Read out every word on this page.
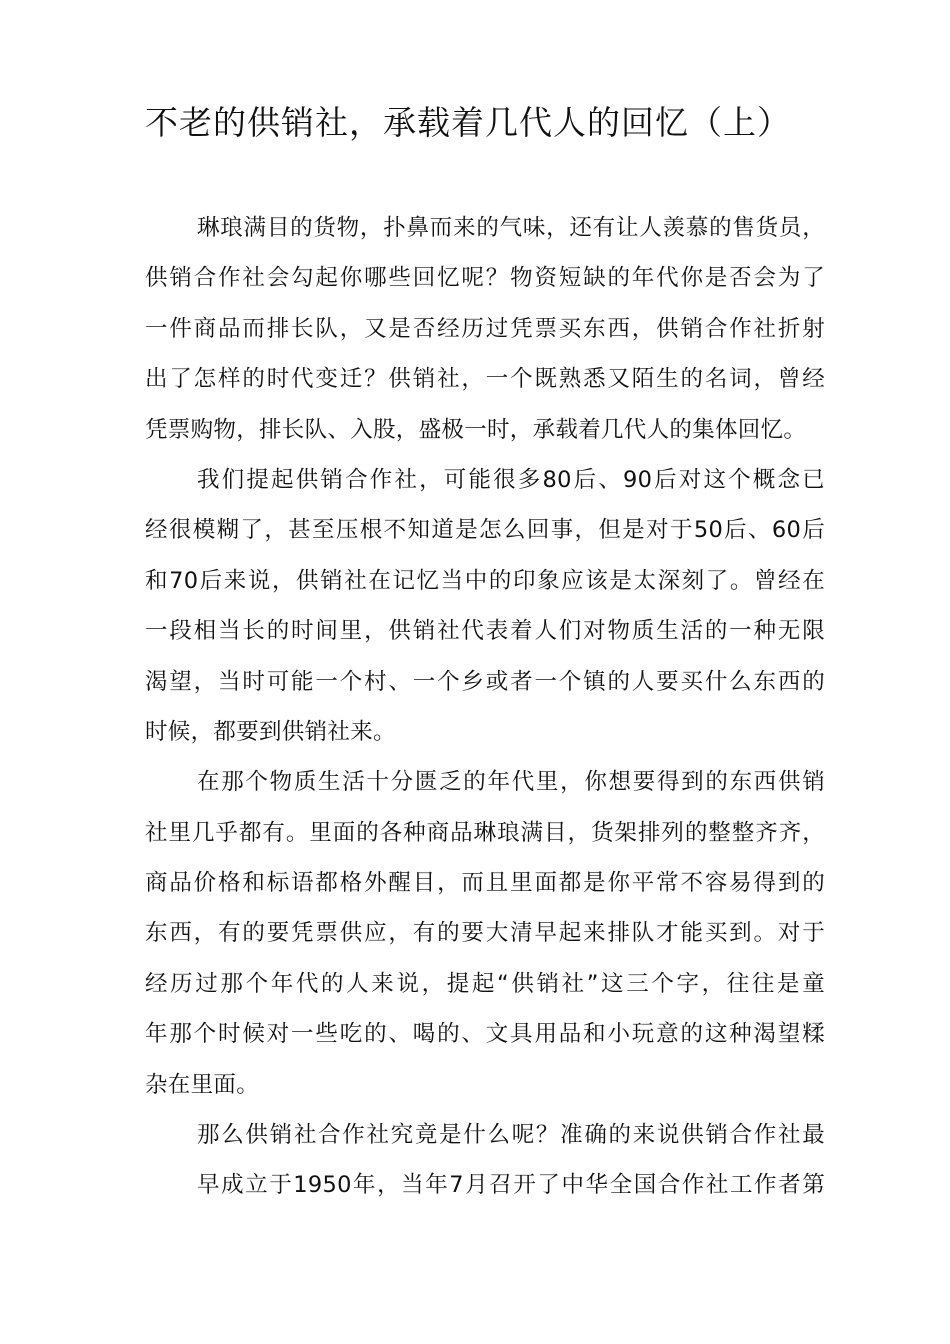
不老的供销社，承载着几代人的回忆（上）
琳琅满目的货物，扑鼻而来的气味，还有让人羡慕的售货员，
供销合作社会勾起你哪些回忆呢？物资短缺的年代你是否会为了
一件商品而排长队，又是否经历过凭票买东西，供销合作社折射
出了怎样的时代变迁？供销社，一个既熟悉又陌生的名词，曾经
凭票购物，排长队、入股，盛极一时，承载着几代人的集体回忆。
我们提起供销合作社，可能很多80后、90后对这个概念已
经很模糊了，甚至压根不知道是怎么回事，但是对于50后、60后
和70后来说，供销社在记忆当中的印象应该是太深刻了。曾经在
一段相当长的时间里，供销社代表着人们对物质生活的一种无限
渴望，当时可能一个村、一个乡或者一个镇的人要买什么东西的
时候，都要到供销社来。
在那个物质生活十分匮乏的年代里，你想要得到的东西供销
社里几乎都有。里面的各种商品琳琅满目，货架排列的整整齐齐，
商品价格和标语都格外醒目，而且里面都是你平常不容易得到的
东西，有的要凭票供应，有的要大清早起来排队才能买到。对于
经历过那个年代的人来说，提起“供销社”这三个字，往往是童
年那个时候对一些吃的、喝的、文具用品和小玩意的这种渴望糅
杂在里面。
那么供销社合作社究竟是什么呢？准确的来说供销合作社最
早成立于1950年，当年7月召开了中华全国合作社工作者第
